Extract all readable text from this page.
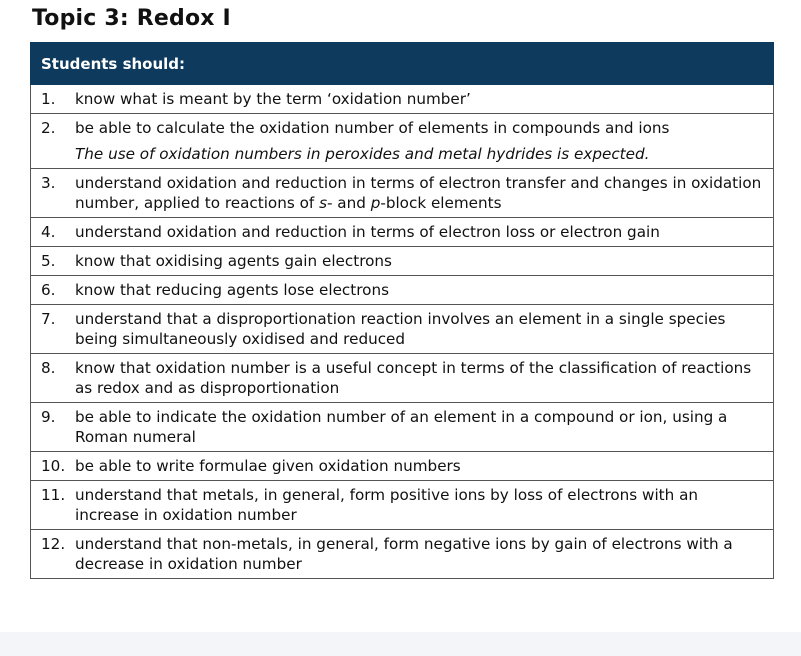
Topic 3: Redox I
Students should:

1.	know what is meant by the term ‘oxidation number’

2.	be able to calculate the oxidation number of elements in compounds and ions
The use of oxidation numbers in peroxides and metal hydrides is expected.

3.	understand oxidation and reduction in terms of electron transfer and changes in oxidation number, applied to reactions of s- and p-block elements

4.	understand oxidation and reduction in terms of electron loss or electron gain

5.	know that oxidising agents gain electrons

6.	know that reducing agents lose electrons

7.	understand that a disproportionation reaction involves an element in a single species being simultaneously oxidised and reduced

8.	know that oxidation number is a useful concept in terms of the classification of reactions as redox and as disproportionation

9.	be able to indicate the oxidation number of an element in a compound or ion, using a Roman numeral

10. be able to write formulae given oxidation numbers

11. understand that metals, in general, form positive ions by loss of electrons with an increase in oxidation number

12. understand that non-metals, in general, form negative ions by gain of electrons with a decrease in oxidation number
